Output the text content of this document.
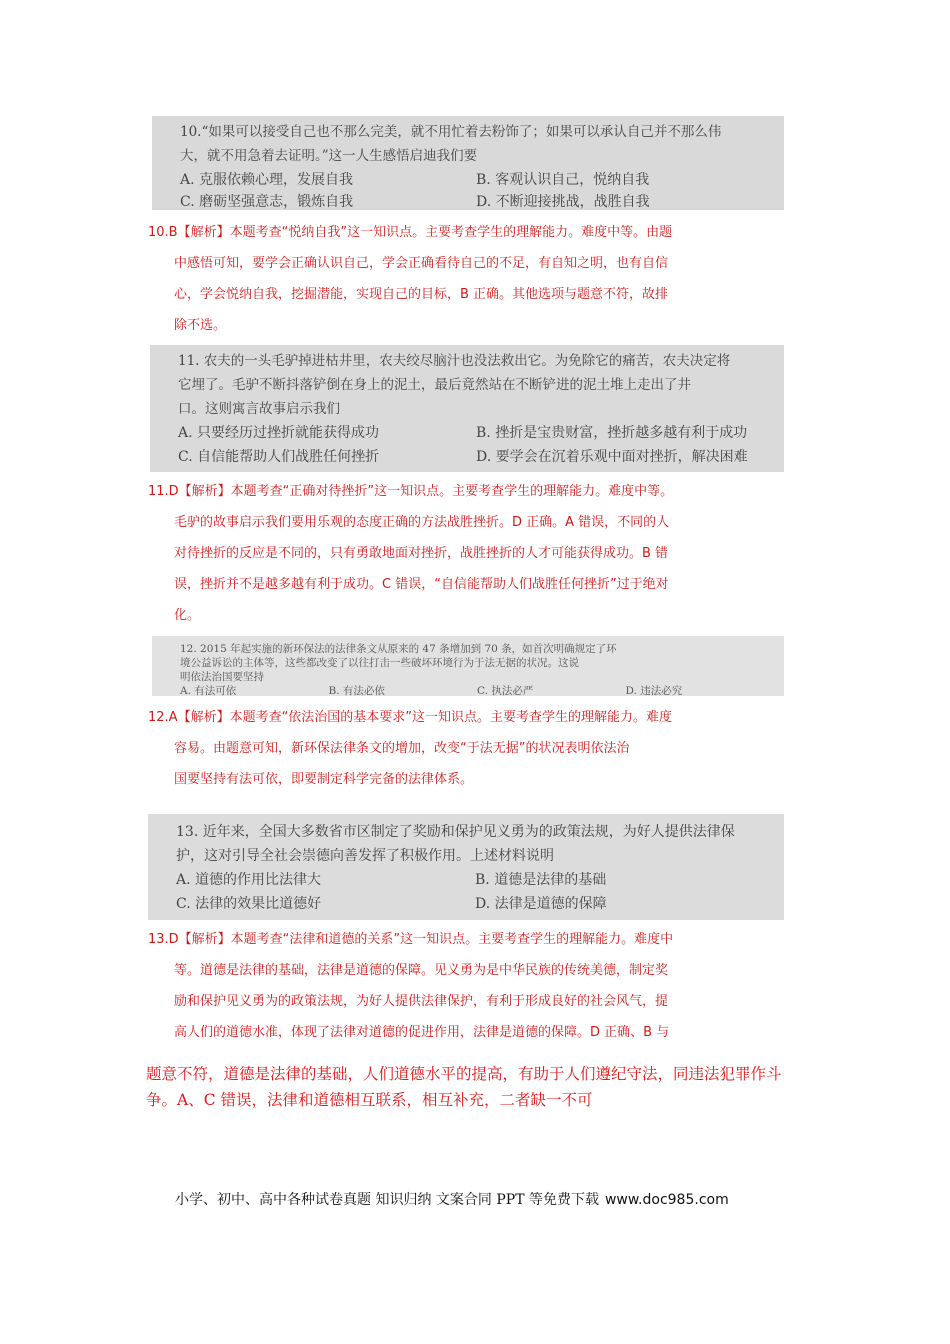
10.“如果可以接受自己也不那么完美，就不用忙着去粉饰了；如果可以承认自己并不那么伟
大，就不用急着去证明。”这一人生感悟启迪我们要
A. 克服依赖心理，发展自我	B. 客观认识自己，悦纳自我
C. 磨砺坚强意志，锻炼自我	D. 不断迎接挑战，战胜自我
10.B【解析】本题考查“悦纳自我”这一知识点。主要考查学生的理解能力。难度中等。由题
中感悟可知，要学会正确认识自己，学会正确看待自己的不足，有自知之明，也有自信
心，学会悦纳自我，挖掘潜能，实现自己的目标，B 正确。其他选项与题意不符，故排
除不选。
11. 农夫的一头毛驴掉进枯井里，农夫绞尽脑汁也没法救出它。为免除它的痛苦，农夫决定将
它埋了。毛驴不断抖落铲倒在身上的泥土，最后竟然站在不断铲进的泥土堆上走出了井
口。这则寓言故事启示我们
A. 只要经历过挫折就能获得成功	B. 挫折是宝贵财富，挫折越多越有利于成功
C. 自信能帮助人们战胜任何挫折	D. 要学会在沉着乐观中面对挫折，解决困难
11.D【解析】本题考查“正确对待挫折”这一知识点。主要考查学生的理解能力。难度中等。
毛驴的故事启示我们要用乐观的态度正确的方法战胜挫折。D 正确。A 错误，不同的人
对待挫折的反应是不同的，只有勇敢地面对挫折，战胜挫折的人才可能获得成功。B 错
误，挫折并不是越多越有利于成功。C 错误，“自信能帮助人们战胜任何挫折”过于绝对
化。
12. 2015 年起实施的新环保法的法律条文从原来的 47 条增加到 70 条，如首次明确规定了环
境公益诉讼的主体等，这些都改变了以往打击一些破坏环境行为于法无据的状况。这说
明依法治国要坚持
A. 有法可依	B. 有法必依	C. 执法必严	D. 违法必究
12.A【解析】本题考查“依法治国的基本要求”这一知识点。主要考查学生的理解能力。难度
容易。由题意可知，新环保法律条文的增加，改变“于法无据”的状况表明依法治
国要坚持有法可依，即要制定科学完备的法律体系。
13. 近年来，全国大多数省市区制定了奖励和保护见义勇为的政策法规，为好人提供法律保
护，这对引导全社会崇德向善发挥了积极作用。上述材料说明
A. 道德的作用比法律大	B. 道德是法律的基础
C. 法律的效果比道德好	D. 法律是道德的保障
13.D【解析】本题考查“法律和道德的关系”这一知识点。主要考查学生的理解能力。难度中
等。道德是法律的基础，法律是道德的保障。见义勇为是中华民族的传统美德，制定奖
励和保护见义勇为的政策法规，为好人提供法律保护，有利于形成良好的社会风气，提
高人们的道德水准，体现了法律对道德的促进作用，法律是道德的保障。D 正确、B 与
题意不符，道德是法律的基础，人们道德水平的提高，有助于人们遵纪守法，同违法犯罪作斗争。A、C 错误，法律和道德相互联系，相互补充，二者缺一不可
小学、初中、高中各种试卷真题 知识归纳 文案合同 PPT 等免费下载 www.doc985.com
